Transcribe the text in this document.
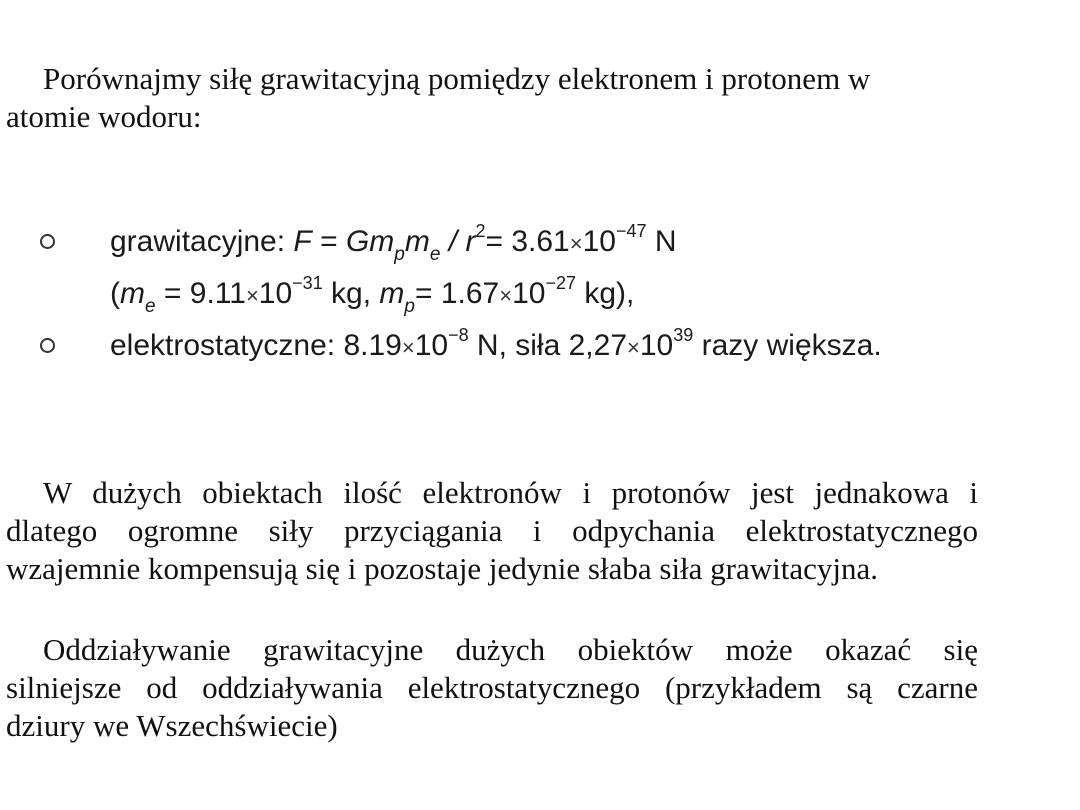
Porównajmy siłę grawitacyjną pomiędzy elektronem i protonem w
atomie wodoru:
grawitacyjne: $F = Gm_pm_e / r^2= 3.61\times 10^{-47}$ N
($m_e = 9.11\times 10^{-31}$ kg, $m_p= 1.67\times 10^{-27}$ kg),
elektrostatyczne: $8.19\times 10^{-8}$ N, siła $2,27\times 10^{39}$ razy większa.
W dużych obiektach ilość elektronów i protonów jest jednakowa i
dlatego ogromne siły przyciągania i odpychania elektrostatycznego
wzajemnie kompensują się i pozostaje jedynie słaba siła grawitacyjna.
Oddziaływanie grawitacyjne dużych obiektów może okazać się
silniejsze od oddziaływania elektrostatycznego (przykładem są czarne
dziury we Wszechświecie)
